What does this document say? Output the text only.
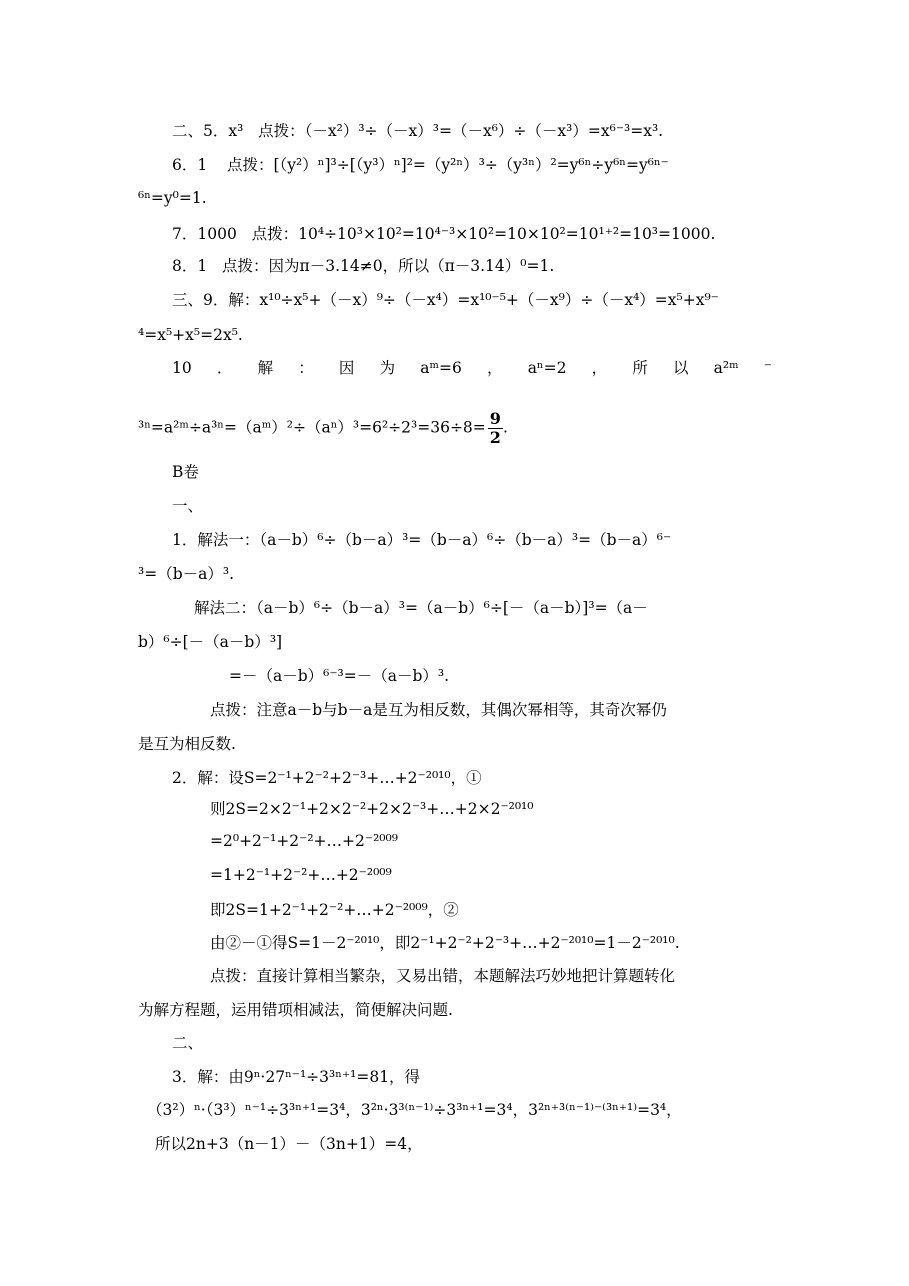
二、5．x³ 点拨：（－x²）³÷（－x）³=（－x⁶）÷（－x³）=x⁶⁻³=x³.
6．1 点拨：[（y²）ⁿ]³÷[（y³）ⁿ]²=（y²ⁿ）³÷（y³ⁿ）²=y⁶ⁿ÷y⁶ⁿ=y⁶ⁿ⁻
⁶ⁿ=y⁰=1.
7．1000 点拨：10⁴÷10³×10²=10⁴⁻³×10²=10×10²=10¹⁺²=10³=1000.
8．1 点拨：因为π－3.14≠0，所以（π－3.14）⁰=1.
三、9．解：x¹⁰÷x⁵+（－x）⁹÷（－x⁴）=x¹⁰⁻⁵+（－x⁹）÷（－x⁴）=x⁵+x⁹⁻
⁴=x⁵+x⁵=2x⁵.
10 ． 解 ： 因 为 aᵐ=6 ， aⁿ=2 ， 所 以 a²ᵐ ⁻
³ⁿ=a²ᵐ÷a³ⁿ=（aᵐ）²÷（aⁿ）³=6²÷2³=36÷8= $\frac{9}{2}$ .
B卷
一、
1．解法一：（a－b）⁶÷（b－a）³=（b－a）⁶÷（b－a）³=（b－a）⁶⁻
³=（b－a）³.
解法二：（a－b）⁶÷（b－a）³=（a－b）⁶÷[－（a－b）]³=（a－
b）⁶÷[－（a－b）³]
=－（a－b）⁶⁻³=－（a－b）³.
点拨：注意a－b与b－a是互为相反数，其偶次幂相等，其奇次幂仍
是互为相反数.
2．解：设S=2⁻¹+2⁻²+2⁻³+…+2⁻²⁰¹⁰，①
则2S=2×2⁻¹+2×2⁻²+2×2⁻³+…+2×2⁻²⁰¹⁰
=2⁰+2⁻¹+2⁻²+…+2⁻²⁰⁰⁹
=1+2⁻¹+2⁻²+…+2⁻²⁰⁰⁹
即2S=1+2⁻¹+2⁻²+…+2⁻²⁰⁰⁹，②
由②－①得S=1－2⁻²⁰¹⁰，即2⁻¹+2⁻²+2⁻³+…+2⁻²⁰¹⁰=1－2⁻²⁰¹⁰.
点拨：直接计算相当繁杂，又易出错，本题解法巧妙地把计算题转化
为解方程题，运用错项相减法，简便解决问题.
二、
3．解：由9ⁿ·27ⁿ⁻¹÷3³ⁿ⁺¹=81，得
（3²）ⁿ·（3³）ⁿ⁻¹÷3³ⁿ⁺¹=3⁴，3²ⁿ·3³⁽ⁿ⁻¹⁾÷3³ⁿ⁺¹=3⁴，3²ⁿ⁺³⁽ⁿ⁻¹⁾⁻⁽³ⁿ⁺¹⁾=3⁴，
所以2n+3（n－1）－（3n+1）=4，
